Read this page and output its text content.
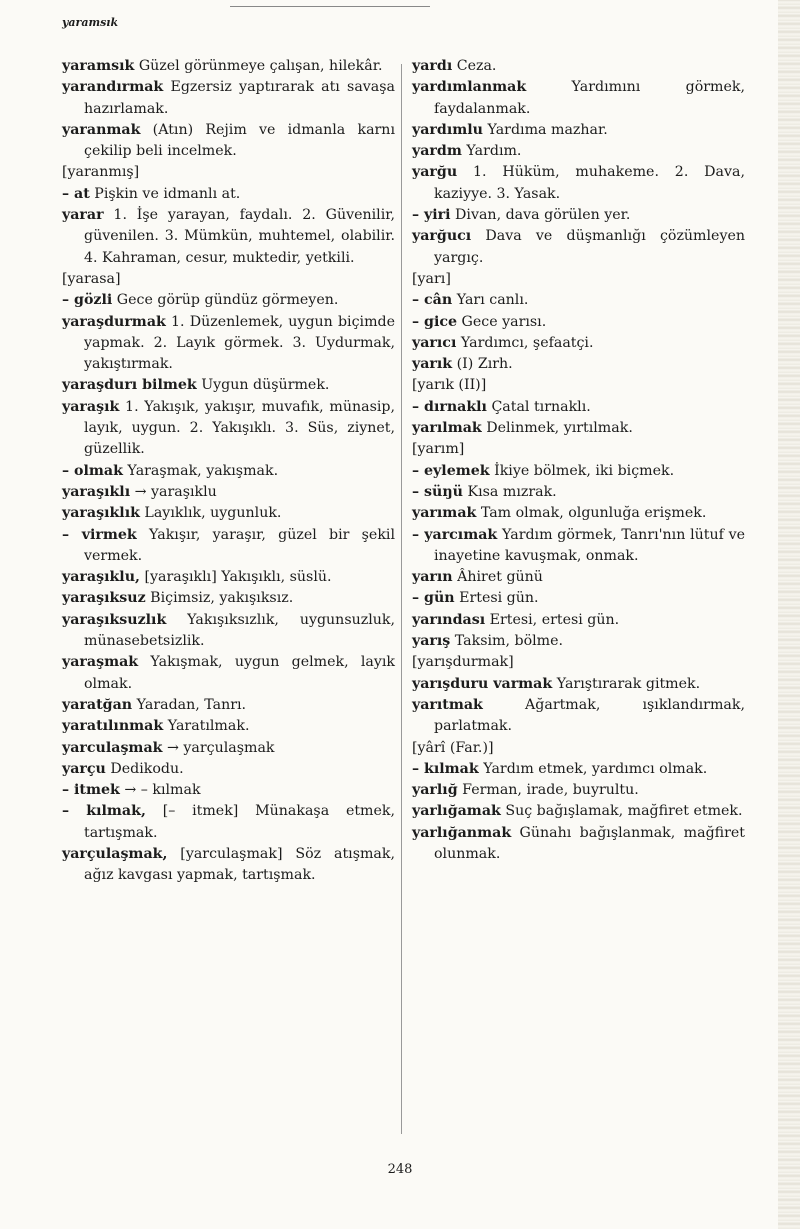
yaramsık
yaramsık Güzel görünmeye çalışan, hilekâr.
yarandırmak Egzersiz yaptırarak atı savaşa hazırlamak.
yaranmak (Atın) Rejim ve idmanla karnı çekilip beli incelmek.
[yaranmış]
– at Pişkin ve idmanlı at.
yarar 1. İşe yarayan, faydalı. 2. Güvenilir, güvenilen. 3. Mümkün, muhtemel, olabilir. 4. Kahraman, cesur, muktedir, yetkili.
[yarasa]
– gözli Gece görüp gündüz görmeyen.
yaraşdurmak 1. Düzenlemek, uygun biçimde yapmak. 2. Layık görmek. 3. Uydurmak, yakıştırmak.
yaraşdurı bilmek Uygun düşürmek.
yaraşık 1. Yakışık, yakışır, muvafık, münasip, layık, uygun. 2. Yakışıklı. 3. Süs, ziynet, güzellik.
– olmak Yaraşmak, yakışmak.
yaraşıklı → yaraşıklu
yaraşıklık Layıklık, uygunluk.
– virmek Yakışır, yaraşır, güzel bir şekil vermek.
yaraşıklu, [yaraşıklı] Yakışıklı, süslü.
yaraşıksuz Biçimsiz, yakışıksız.
yaraşıksuzlık Yakışıksızlık, uygunsuzluk, münasebetsizlik.
yaraşmak Yakışmak, uygun gelmek, layık olmak.
yaratğan Yaradan, Tanrı.
yaratılınmak Yaratılmak.
yarculaşmak → yarçulaşmak
yarçu Dedikodu.
– itmek → – kılmak
– kılmak, [– itmek] Münakaşa etmek, tartışmak.
yarçulaşmak, [yarculaşmak] Söz atışmak, ağız kavgası yapmak, tartışmak.
yardı Ceza.
yardımlanmak Yardımını görmek, faydalanmak.
yardımlu Yardıma mazhar.
yardm Yardım.
yarğu 1. Hüküm, muhakeme. 2. Dava, kaziyye. 3. Yasak.
– yiri Divan, dava görülen yer.
yarğucı Dava ve düşmanlığı çözümleyen yargıç.
[yarı]
– cân Yarı canlı.
– gice Gece yarısı.
yarıcı Yardımcı, şefaatçi.
yarık (I) Zırh.
[yarık (II)]
– dırnaklı Çatal tırnaklı.
yarılmak Delinmek, yırtılmak.
[yarım]
– eylemek İkiye bölmek, iki biçmek.
– süŋü Kısa mızrak.
yarımak Tam olmak, olgunluğa erişmek.
– yarcımak Yardım görmek, Tanrı'nın lütuf ve inayetine kavuşmak, onmak.
yarın Âhiret günü
– gün Ertesi gün.
yarındası Ertesi, ertesi gün.
yarış Taksim, bölme.
[yarışdurmak]
yarışduru varmak Yarıştırarak gitmek.
yarıtmak Ağartmak, ışıklandırmak, parlatmak.
[yârî (Far.)]
– kılmak Yardım etmek, yardımcı olmak.
yarlığ Ferman, irade, buyrultu.
yarlığamak Suç bağışlamak, mağfiret etmek.
yarlığanmak Günahı bağışlanmak, mağfiret olunmak.
248
